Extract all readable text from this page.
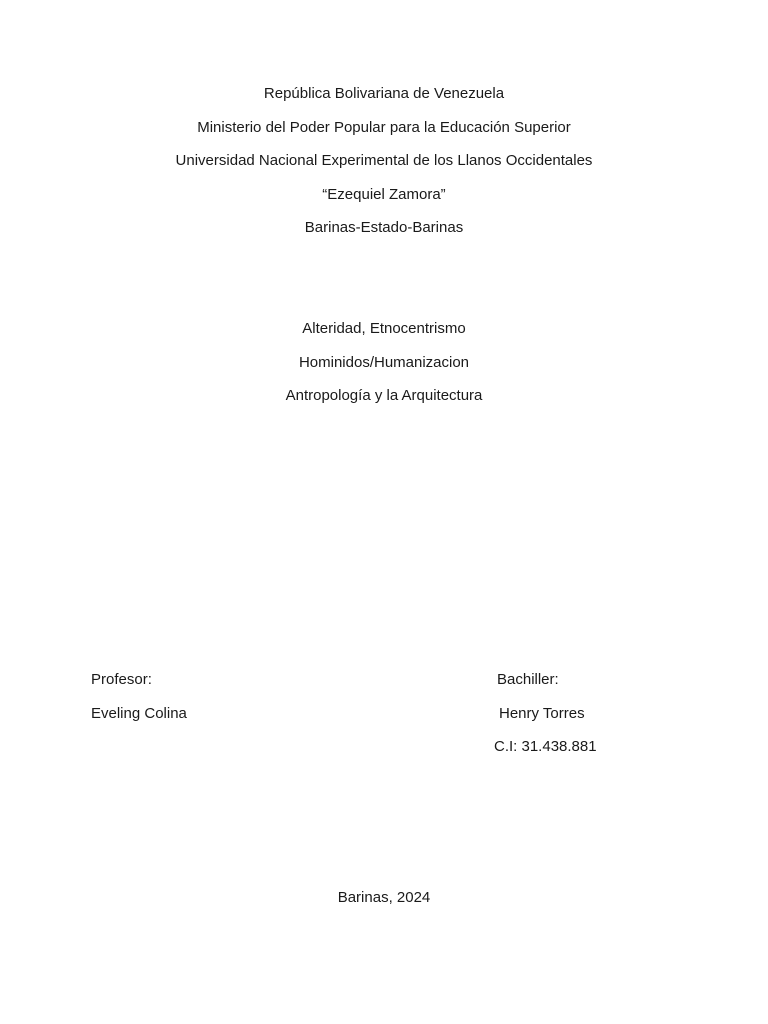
República Bolivariana de Venezuela
Ministerio del Poder Popular para la Educación Superior
Universidad Nacional Experimental de los Llanos Occidentales
“Ezequiel Zamora”
Barinas-Estado-Barinas
Alteridad, Etnocentrismo
Hominidos/Humanizacion
Antropología y la Arquitectura
Profesor:
Eveling Colina
Bachiller:
Henry Torres
C.I: 31.438.881
Barinas, 2024
